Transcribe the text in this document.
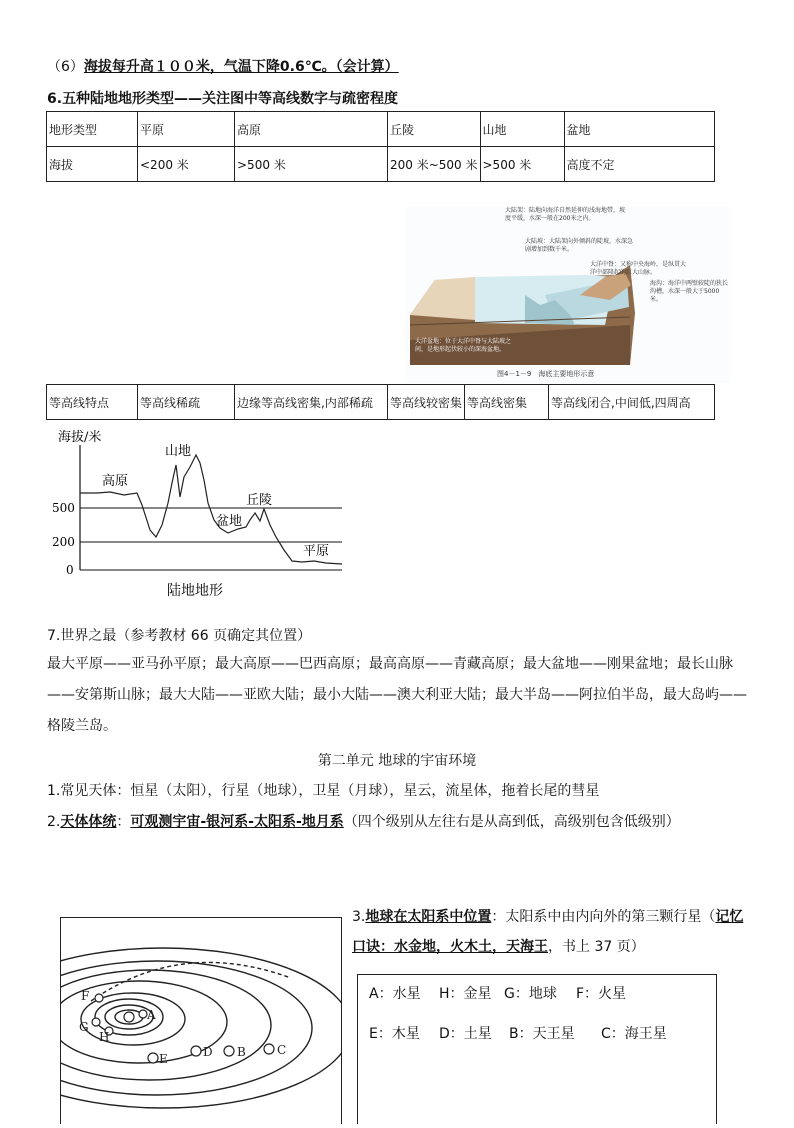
（6）海拔每升高１００米，气温下降0.6℃。（会计算）
6.五种陆地地形类型——关注图中等高线数字与疏密程度
地形类型	平原	高原	丘陵	山地	盆地
海拔	<200 米	>500 米	200 米~500 米	>500 米	高度不定
大陆架：陆地向海洋自然延伸的浅海地带，坡度平缓，水深一般在200米之内。
大陆坡：大陆架向外倾斜的陡坡，水深急剧增加到数千米。
大洋中脊：又称中央海岭，是纵贯大洋中部隆起的巨大山脉。
海沟：海洋中两壁较陡的狭长沟槽，水深一般大于5000米。
大洋盆地：位于大洋中脊与大陆坡之间，是地形起伏较小的深海盆地。
图4－1－9　海底主要地形示意
等高线特点	等高线稀疏	边缘等高线密集,内部稀疏	等高线较密集	等高线密集	等高线闭合,中间低,四周高
海拔/米
500
200
0
高原
山地
丘陵
盆地
平原
陆地地形
7.世界之最（参考教材 66 页确定其位置）
最大平原——亚马孙平原；最大高原——巴西高原；最高高原——青藏高原；最大盆地——刚果盆地；最长山脉——安第斯山脉；最大大陆——亚欧大陆；最小大陆——澳大利亚大陆；最大半岛——阿拉伯半岛，最大岛屿——格陵兰岛。
第二单元 地球的宇宙环境
1.常见天体：恒星（太阳），行星（地球），卫星（月球），星云，流星体，拖着长尾的彗星
2.天体体统：可观测宇宙-银河系-太阳系-地月系（四个级别从左往右是从高到低，高级别包含低级别）
A
H
G
F
E	D B	C
3.地球在太阳系中位置：太阳系中由内向外的第三颗行星（记忆
口诀：水金地，火木土，天海王，书上 37 页）
A：水星 H：金星 G：地球 F：火星
E：木星 D：土星 B：天王星 C：海王星
